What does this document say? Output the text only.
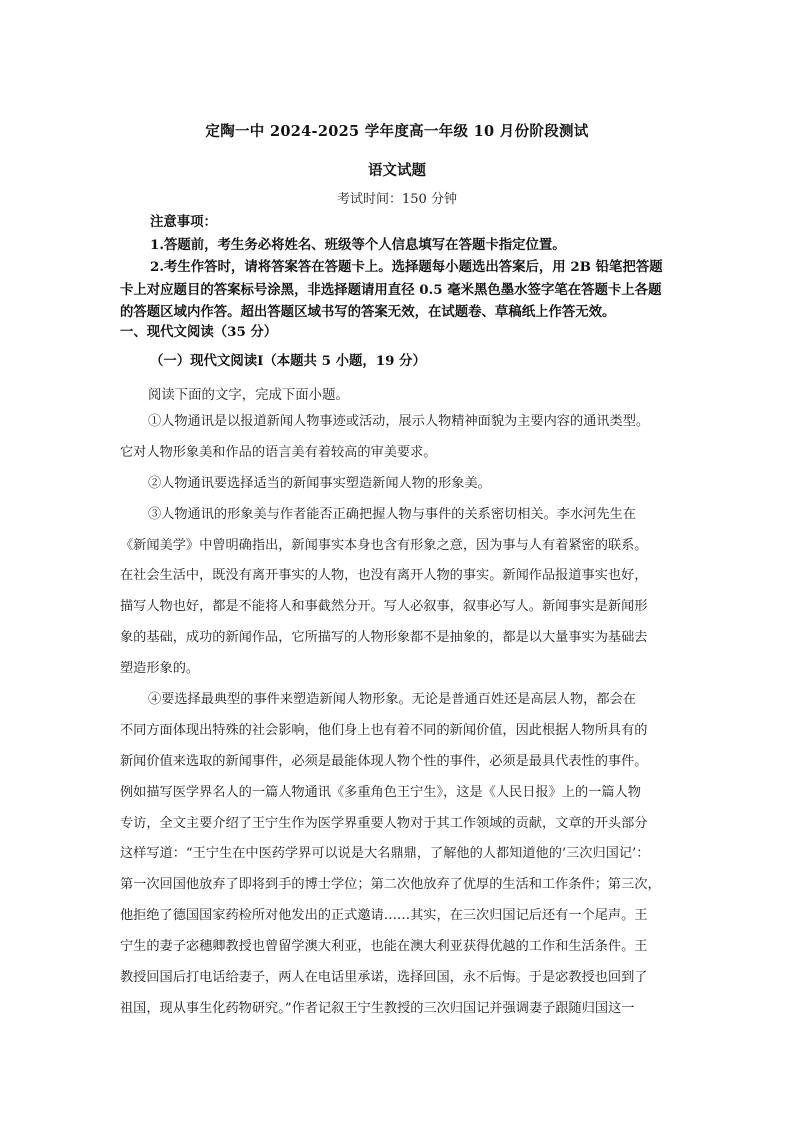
定陶一中 2024-2025 学年度高一年级 10 月份阶段测试
语文试题
考试时间：150 分钟
注意事项：
1.答题前，考生务必将姓名、班级等个人信息填写在答题卡指定位置。
2.考生作答时，请将答案答在答题卡上。选择题每小题选出答案后，用 2B 铅笔把答题
卡上对应题目的答案标号涂黑，非选择题请用直径 0.5 毫米黑色墨水签字笔在答题卡上各题
的答题区域内作答。超出答题区域书写的答案无效，在试题卷、草稿纸上作答无效。
一、现代文阅读（35 分）
（一）现代文阅读Ⅰ（本题共 5 小题，19 分）
阅读下面的文字，完成下面小题。
①人物通讯是以报道新闻人物事迹或活动，展示人物精神面貌为主要内容的通讯类型。
它对人物形象美和作品的语言美有着较高的审美要求。
②人物通讯要选择适当的新闻事实塑造新闻人物的形象美。
③人物通讯的形象美与作者能否正确把握人物与事件的关系密切相关。李水河先生在
《新闻美学》中曾明确指出，新闻事实本身也含有形象之意，因为事与人有着紧密的联系。
在社会生活中，既没有离开事实的人物，也没有离开人物的事实。新闻作品报道事实也好，
描写人物也好，都是不能将人和事截然分开。写人必叙事，叙事必写人。新闻事实是新闻形
象的基础，成功的新闻作品，它所描写的人物形象都不是抽象的，都是以大量事实为基础去
塑造形象的。
④要选择最典型的事件来塑造新闻人物形象。无论是普通百姓还是高层人物，都会在
不同方面体现出特殊的社会影响，他们身上也有着不同的新闻价值，因此根据人物所具有的
新闻价值来选取的新闻事件，必须是最能体现人物个性的事件，必须是最具代表性的事件。
例如描写医学界名人的一篇人物通讯《多重角色王宁生》，这是《人民日报》上的一篇人物
专访，全文主要介绍了王宁生作为医学界重要人物对于其工作领域的贡献，文章的开头部分
这样写道：“王宁生在中医药学界可以说是大名鼎鼎，了解他的人都知道他的‘三次归国记’：
第一次回国他放弃了即将到手的博士学位；第二次他放弃了优厚的生活和工作条件；第三次，
他拒绝了德国国家药检所对他发出的正式邀请……其实，在三次归国记后还有一个尾声。王
宁生的妻子宓穗卿教授也曾留学澳大利亚，也能在澳大利亚获得优越的工作和生活条件。王
教授回国后打电话给妻子，两人在电话里承诺，选择回国，永不后悔。于是宓教授也回到了
祖国，现从事生化药物研究。”作者记叙王宁生教授的三次归国记并强调妻子跟随归国这一
